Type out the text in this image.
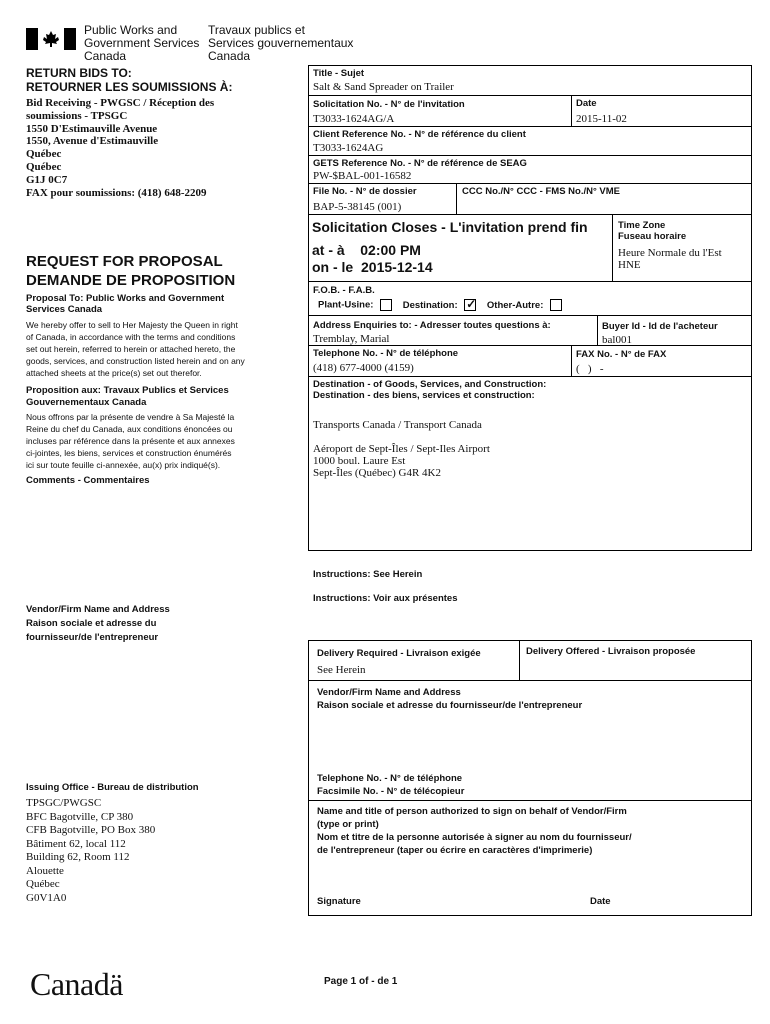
Public Works and
Government Services
Canada
Travaux publics et
Services gouvernementaux
Canada
RETURN BIDS TO:
RETOURNER LES SOUMISSIONS À:
Bid Receiving - PWGSC / Réception des
soumissions - TPSGC
1550 D'Estimauville Avenue
1550, Avenue d'Estimauville
Québec
Québec
G1J 0C7
FAX pour soumissions: (418) 648-2209
REQUEST FOR PROPOSAL
DEMANDE DE PROPOSITION
Proposal To: Public Works and Government
Services Canada
We hereby offer to sell to Her Majesty the Queen in right
of Canada, in accordance with the terms and conditions
set out herein, referred to herein or attached hereto, the
goods, services, and construction listed herein and on any
attached sheets at the price(s) set out therefor.
Proposition aux: Travaux Publics et Services
Gouvernementaux Canada
Nous offrons par la présente de vendre à Sa Majesté la
Reine du chef du Canada, aux conditions énoncées ou
incluses par référence dans la présente et aux annexes
ci-jointes, les biens, services et construction énumérés
ici sur toute feuille ci-annexée, au(x) prix indiqué(s).
Comments - Commentaires
Vendor/Firm Name and Address
Raison sociale et adresse du
fournisseur/de l'entrepreneur
Issuing Office - Bureau de distribution
TPSGC/PWGSC
BFC Bagotville, CP 380
CFB Bagotville, PO Box 380
Bâtiment 62, local 112
Building 62, Room 112
Alouette
Québec
G0V1A0
Title - Sujet
Salt & Sand Spreader on Trailer
Solicitation No. - N° de l'invitation
T3033-1624AG/A
Date
2015-11-02
Client Reference No. - N° de référence du client
T3033-1624AG
GETS Reference No. - N° de référence de SEAG
PW-$BAL-001-16582
File No. - N° de dossier
BAP-5-38145 (001)
CCC No./N° CCC - FMS No./N° VME
Solicitation Closes - L'invitation prend fin
at - à 02:00 PM
on - le 2015-12-14
Time Zone
Fuseau horaire
Heure Normale du l'Est
HNE
F.O.B. - F.A.B.
Plant-Usine:	Destination: ✓ Other-Autre:
Address Enquiries to: - Adresser toutes questions à:
Tremblay, Marial
Buyer Id - Id de l'acheteur
bal001
Telephone No. - N° de téléphone
(418) 677-4000 (4159)
FAX No. - N° de FAX
(   )   -
Destination - of Goods, Services, and Construction:
Destination - des biens, services et construction:
Transports Canada / Transport Canada

Aéroport de Sept-Îles / Sept-Iles Airport
1000 boul. Laure Est
Sept-Îles (Québec) G4R 4K2
Instructions: See Herein
Instructions: Voir aux présentes
Delivery Required - Livraison exigée
See Herein
Delivery Offered - Livraison proposée
Vendor/Firm Name and Address
Raison sociale et adresse du fournisseur/de l'entrepreneur
Telephone No. - N° de téléphone
Facsimile No. - N° de télécopieur
Name and title of person authorized to sign on behalf of Vendor/Firm
(type or print)
Nom et titre de la personne autorisée à signer au nom du fournisseur/
de l'entrepreneur (taper ou écrire en caractères d'imprimerie)
Signature	Date
Canadä	Page 1 of - de 1
